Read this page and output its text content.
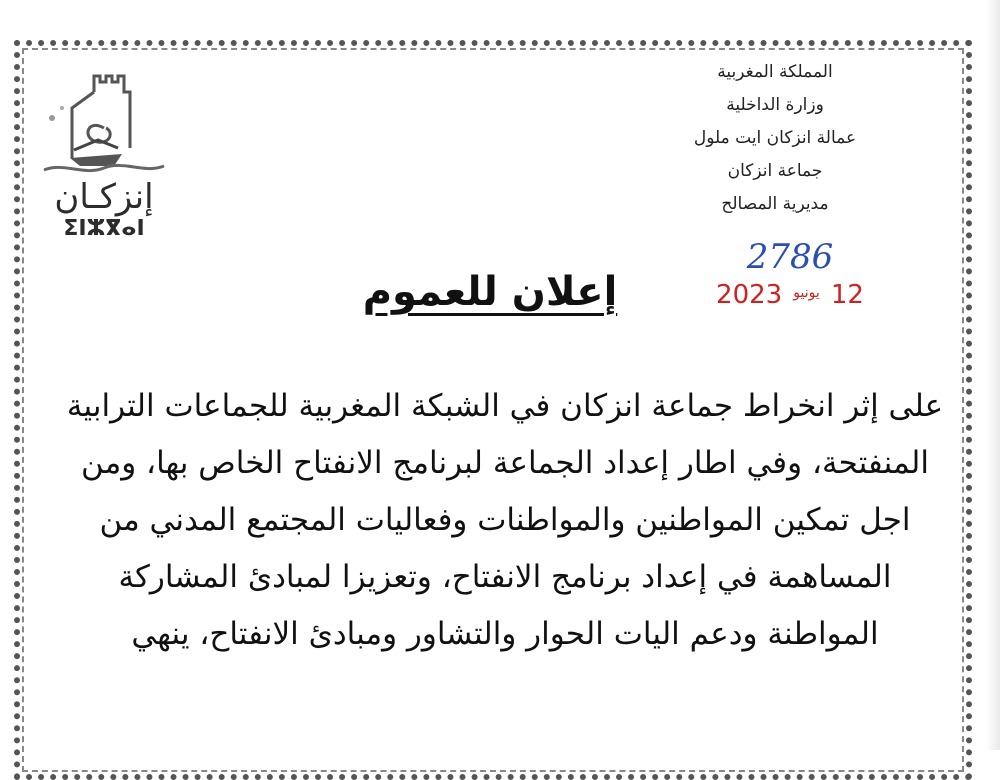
إنزكـان
ⵉⵏⵣⴳⴰⵏ
المملكة المغربية
وزارة الداخلية
عمالة انزكان ايت ملول
جماعة انزكان
مديرية المصالح
2786
12 يونيو 2023
إعلان للعموم
على إثر انخراط جماعة انزكان في الشبكة المغربية للجماعات الترابية
المنفتحة، وفي اطار إعداد الجماعة لبرنامج الانفتاح الخاص بها، ومن
اجل تمكين المواطنين والمواطنات وفعاليات المجتمع المدني من
المساهمة في إعداد برنامج الانفتاح، وتعزيزا لمبادئ المشاركة
المواطنة ودعم اليات الحوار والتشاور ومبادئ الانفتاح، ينهي
